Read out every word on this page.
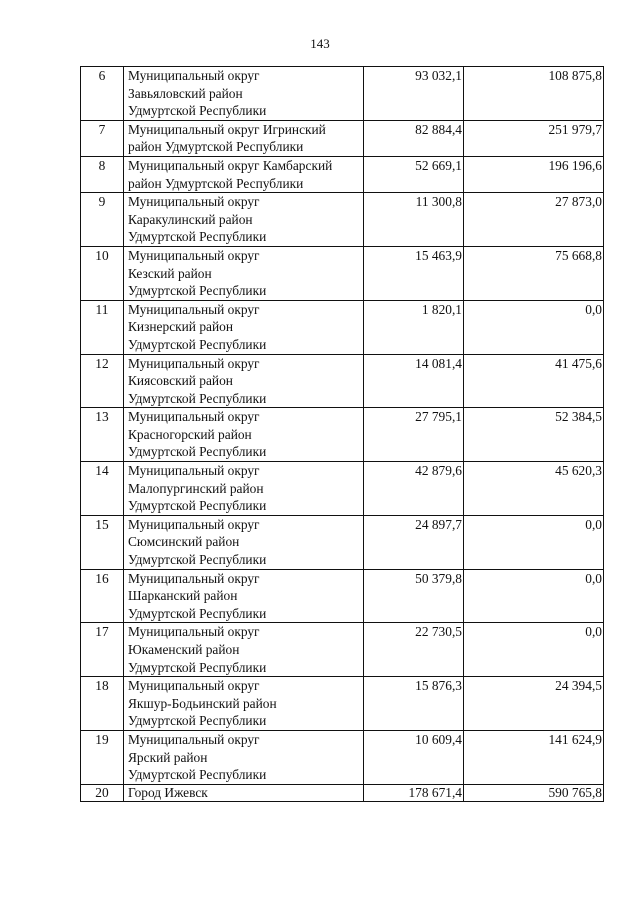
143
6	Муниципальный округ
Завьяловский район
Удмуртской Республики	93 032,1	108 875,8
7	Муниципальный округ Игринский
район Удмуртской Республики	82 884,4	251 979,7
8	Муниципальный округ Камбарский
район Удмуртской Республики	52 669,1	196 196,6
9	Муниципальный округ
Каракулинский район
Удмуртской Республики	11 300,8	27 873,0
10	Муниципальный округ
Кезский район
Удмуртской Республики	15 463,9	75 668,8
11	Муниципальный округ
Кизнерский район
Удмуртской Республики	1 820,1	0,0
12	Муниципальный округ
Киясовский район
Удмуртской Республики	14 081,4	41 475,6
13	Муниципальный округ
Красногорский район
Удмуртской Республики	27 795,1	52 384,5
14	Муниципальный округ
Малопургинский район
Удмуртской Республики	42 879,6	45 620,3
15	Муниципальный округ
Сюмсинский район
Удмуртской Республики	24 897,7	0,0
16	Муниципальный округ
Шарканский район
Удмуртской Республики	50 379,8	0,0
17	Муниципальный округ
Юкаменский район
Удмуртской Республики	22 730,5	0,0
18	Муниципальный округ
Якшур-Бодьинский район
Удмуртской Республики	15 876,3	24 394,5
19	Муниципальный округ
Ярский район
Удмуртской Республики	10 609,4	141 624,9
20	Город Ижевск	178 671,4	590 765,8
